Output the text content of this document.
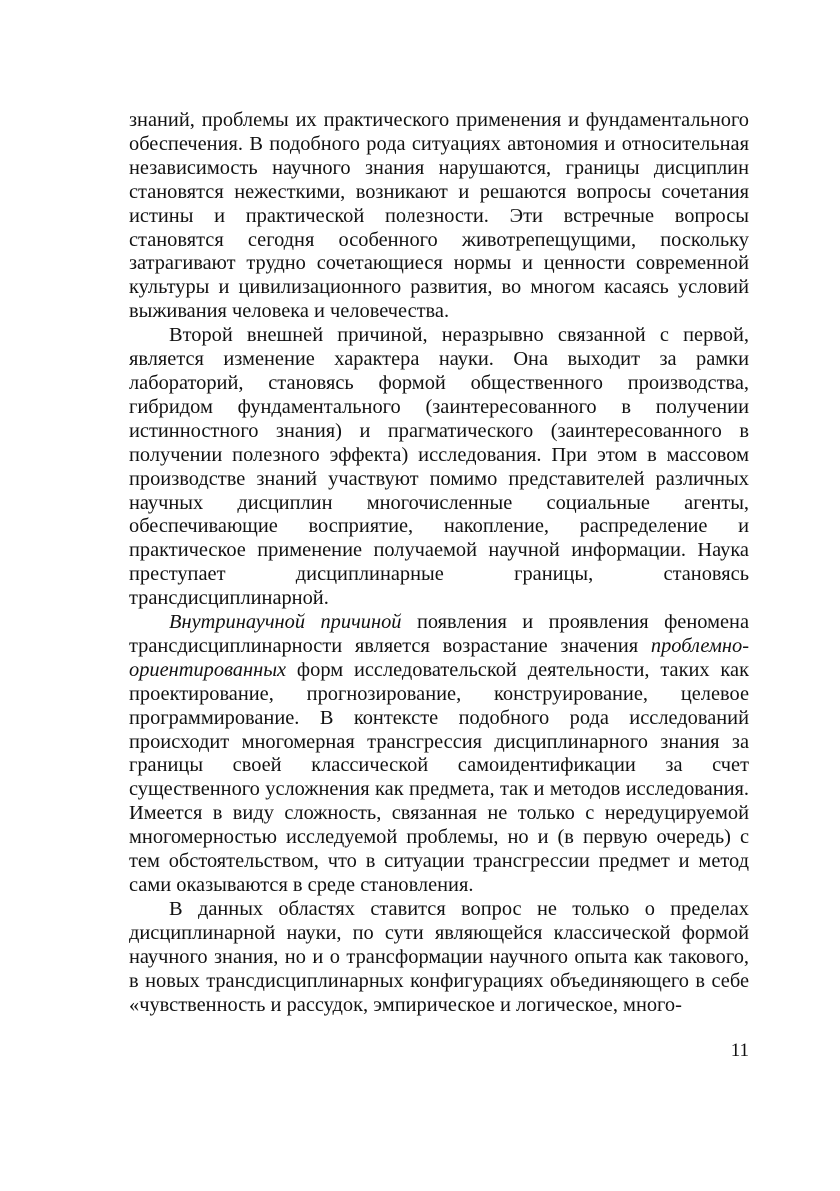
знаний, проблемы их практического применения и фундаментального обеспечения. В подобного рода ситуациях автономия и относительная независимость научного знания нарушаются, границы дисциплин становятся нежесткими, возникают и решаются вопросы сочетания истины и практической полезности. Эти встречные вопросы становятся сегодня особенного животрепещущими, поскольку затрагивают трудно сочетающиеся нормы и ценности современной культуры и цивилизационного развития, во многом касаясь условий выживания человека и человечества.

Второй внешней причиной, неразрывно связанной с первой, является изменение характера науки. Она выходит за рамки лабораторий, становясь формой общественного производства, гибридом фундаментального (заинтересованного в получении истинностного знания) и прагматического (заинтересованного в получении полезного эффекта) исследования. При этом в массовом производстве знаний участвуют помимо представителей различных научных дисциплин многочисленные социальные агенты, обеспечивающие восприятие, накопление, распределение и практическое применение получаемой научной информации. Наука преступает дисциплинарные границы, становясь трансдисциплинарной.

Внутринаучной причиной появления и проявления феномена трансдисциплинарности является возрастание значения проблемно-ориентированных форм исследовательской деятельности, таких как проектирование, прогнозирование, конструирование, целевое программирование. В контексте подобного рода исследований происходит многомерная трансгрессия дисциплинарного знания за границы своей классической самоидентификации за счет существенного усложнения как предмета, так и методов исследования. Имеется в виду сложность, связанная не только с нередуцируемой многомерностью исследуемой проблемы, но и (в первую очередь) с тем обстоятельством, что в ситуации трансгрессии предмет и метод сами оказываются в среде становления.

В данных областях ставится вопрос не только о пределах дисциплинарной науки, по сути являющейся классической формой научного знания, но и о трансформации научного опыта как такового, в новых трансдисциплинарных конфигурациях объединяющего в себе «чувственность и рассудок, эмпирическое и логическое, много-

11
